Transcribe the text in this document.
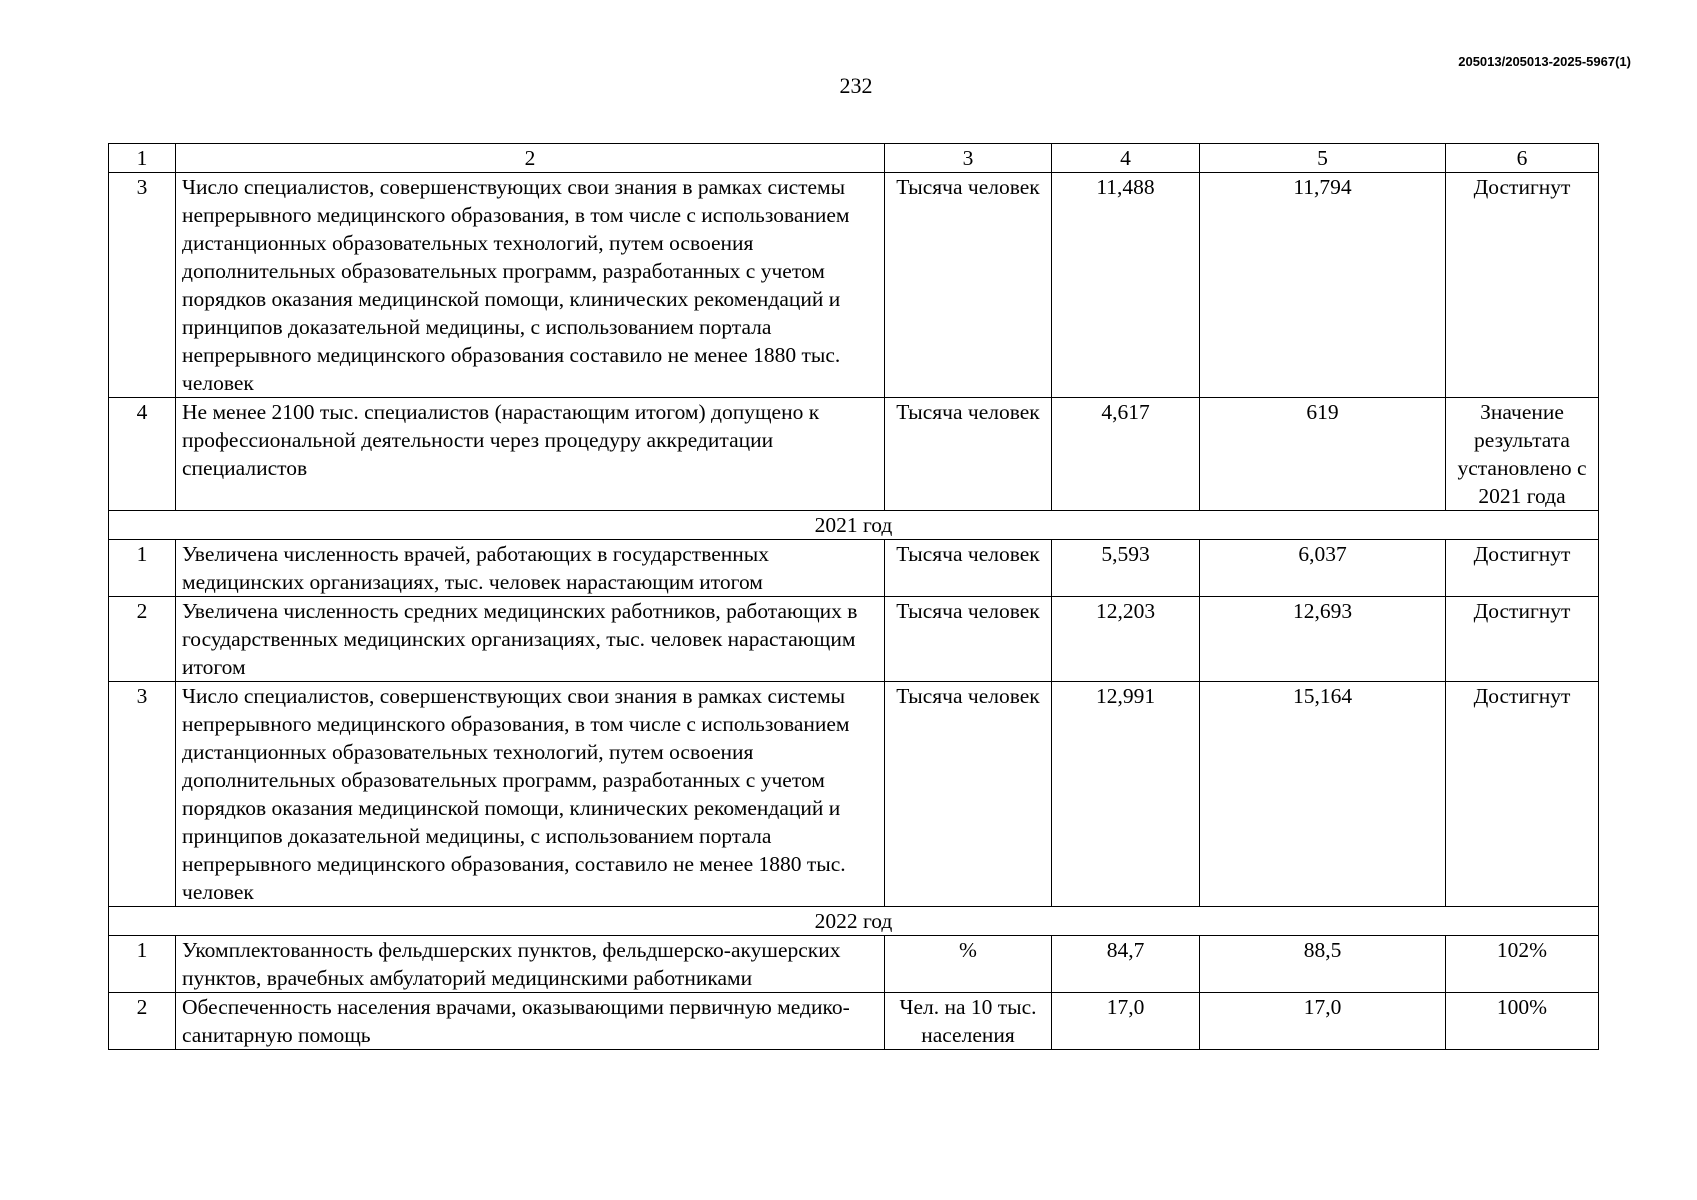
205013/205013-2025-5967(1)
232
1	2	3	4	5	6
3	Число специалистов, совершенствующих свои знания в рамках системы непрерывного медицинского образования, в том числе с использованием дистанционных образовательных технологий, путем освоения дополнительных образовательных программ, разработанных с учетом порядков оказания медицинской помощи, клинических рекомендаций и принципов доказательной медицины, с использованием портала непрерывного медицинского образования составило не менее 1880 тыс. человек	Тысяча человек	11,488	11,794	Достигнут
4	Не менее 2100 тыс. специалистов (нарастающим итогом) допущено к профессиональной деятельности через процедуру аккредитации специалистов	Тысяча человек	4,617	619	Значение результата установлено с 2021 года
2021 год					
1	Увеличена численность врачей, работающих в государственных медицинских организациях, тыс. человек нарастающим итогом	Тысяча человек	5,593	6,037	Достигнут
2	Увеличена численность средних медицинских работников, работающих в государственных медицинских организациях, тыс. человек нарастающим итогом	Тысяча человек	12,203	12,693	Достигнут
3	Число специалистов, совершенствующих свои знания в рамках системы непрерывного медицинского образования, в том числе с использованием дистанционных образовательных технологий, путем освоения дополнительных образовательных программ, разработанных с учетом порядков оказания медицинской помощи, клинических рекомендаций и принципов доказательной медицины, с использованием портала непрерывного медицинского образования, составило не менее 1880 тыс. человек	Тысяча человек	12,991	15,164	Достигнут
2022 год					
1	Укомплектованность фельдшерских пунктов, фельдшерско-акушерских пунктов, врачебных амбулаторий медицинскими работниками	%	84,7	88,5	102%
2	Обеспеченность населения врачами, оказывающими первичную медико-санитарную помощь	Чел. на 10 тыс. населения	17,0	17,0	100%
